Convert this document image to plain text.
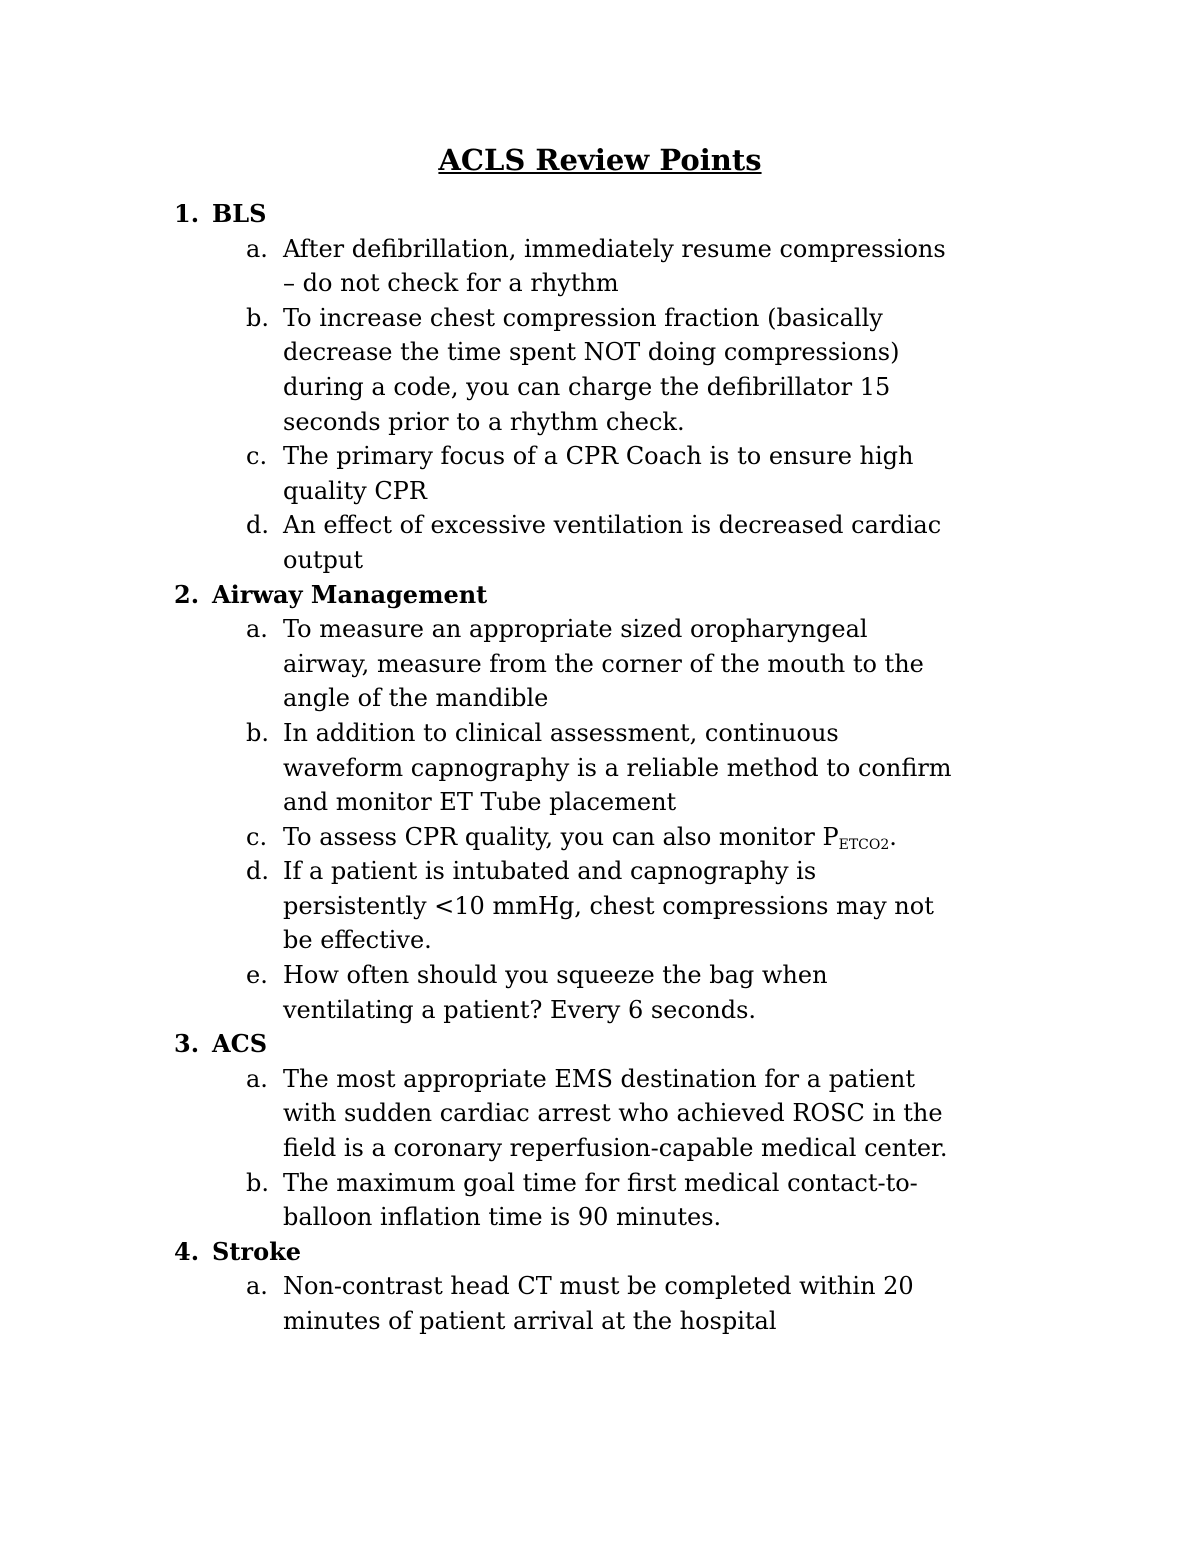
ACLS Review Points
1. BLS
a. After defibrillation, immediately resume compressions
– do not check for a rhythm
b. To increase chest compression fraction (basically
decrease the time spent NOT doing compressions)
during a code, you can charge the defibrillator 15
seconds prior to a rhythm check.
c. The primary focus of a CPR Coach is to ensure high
quality CPR
d. An effect of excessive ventilation is decreased cardiac
output
2. Airway Management
a. To measure an appropriate sized oropharyngeal
airway, measure from the corner of the mouth to the
angle of the mandible
b. In addition to clinical assessment, continuous
waveform capnography is a reliable method to confirm
and monitor ET Tube placement
c. To assess CPR quality, you can also monitor $P_{ETCO2}$.
d. If a patient is intubated and capnography is
persistently <10 mmHg, chest compressions may not
be effective.
e. How often should you squeeze the bag when
ventilating a patient? Every 6 seconds.
3. ACS
a. The most appropriate EMS destination for a patient
with sudden cardiac arrest who achieved ROSC in the
field is a coronary reperfusion-capable medical center.
b. The maximum goal time for first medical contact-to-
balloon inflation time is 90 minutes.
4. Stroke
a. Non-contrast head CT must be completed within 20
minutes of patient arrival at the hospital
